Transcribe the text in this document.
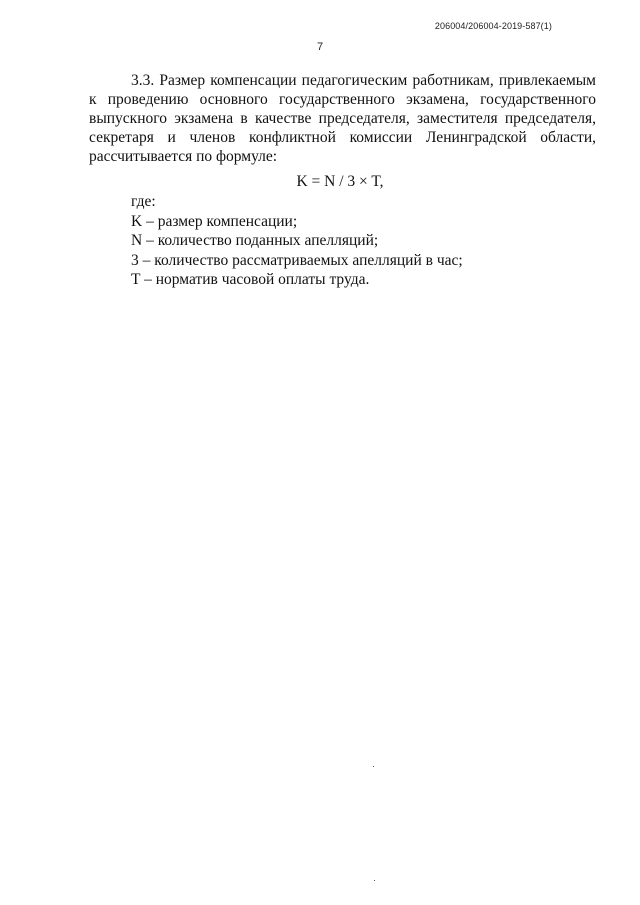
206004/206004-2019-587(1)
7
3.3. Размер компенсации педагогическим работникам, привлекаемым
к проведению основного государственного экзамена, государственного
выпускного экзамена в качестве председателя, заместителя председателя,
секретаря и членов конфликтной комиссии Ленинградской области,
рассчитывается по формуле:
K = N / 3 × T,
где:
K – размер компенсации;
N – количество поданных апелляций;
3 – количество рассматриваемых апелляций в час;
T – норматив часовой оплаты труда.
